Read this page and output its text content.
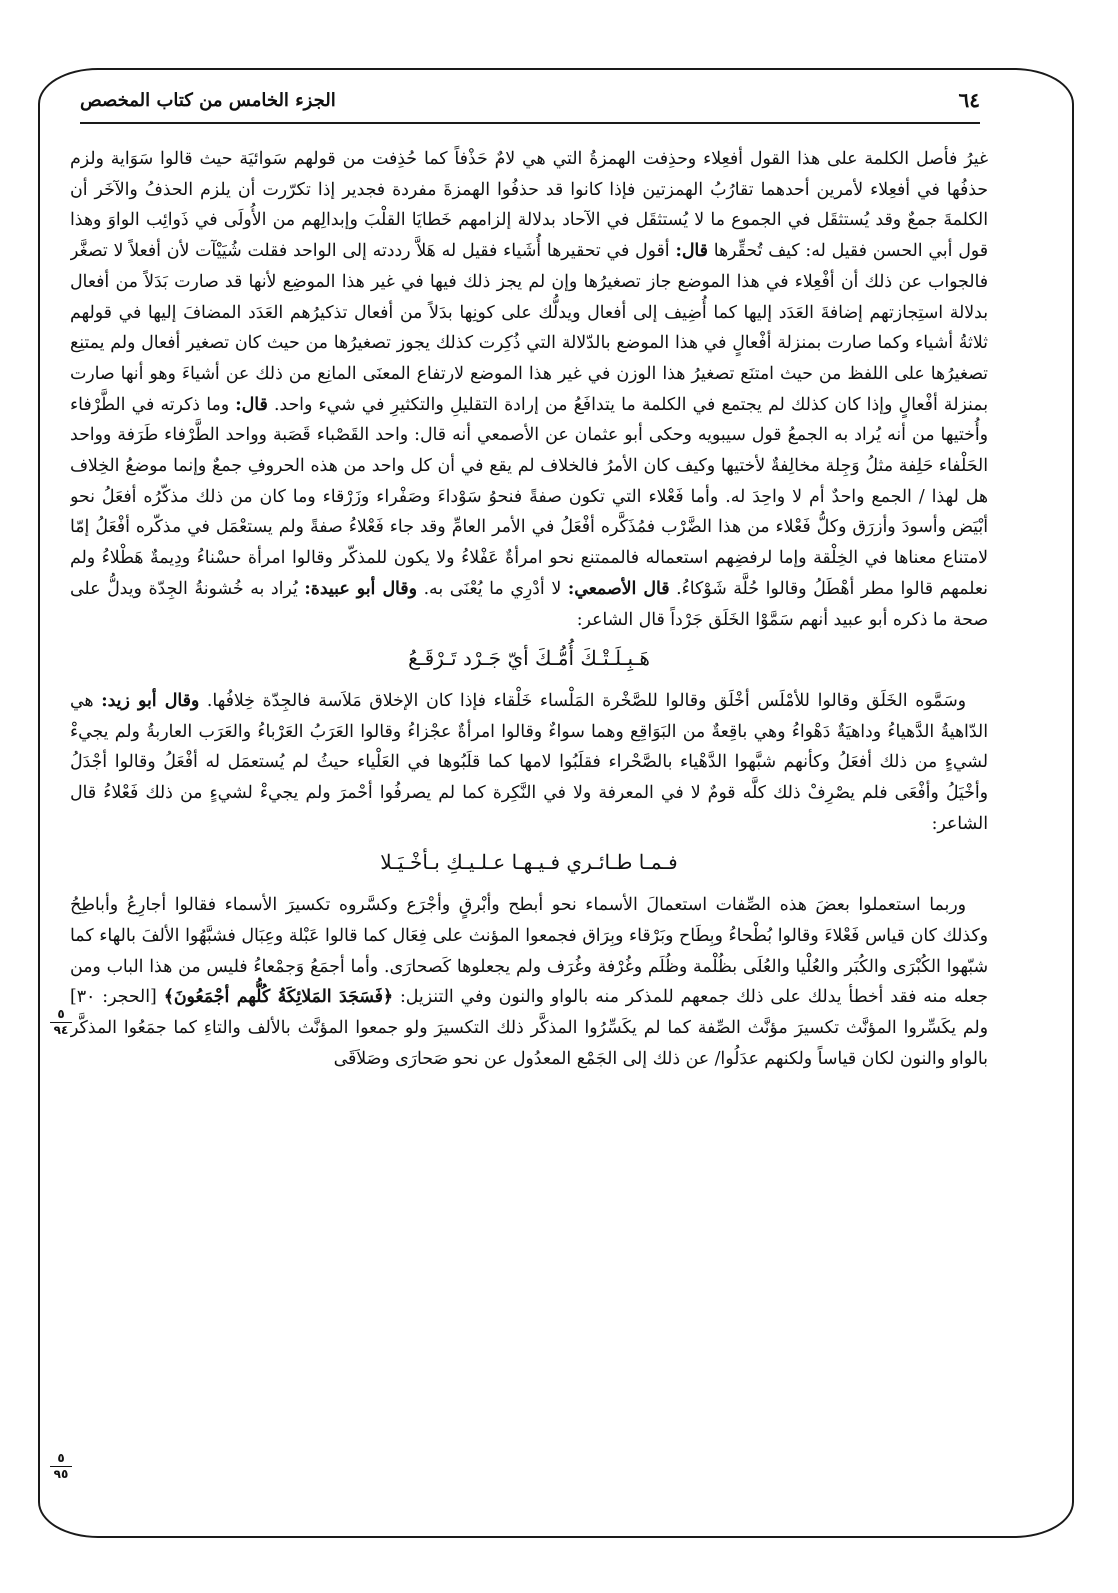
٦٤
الجزء الخامس من كتاب المخصص
٥
٩٤
٥
٩٥

غيرُ فأصل الكلمة على هذا القول أفعِلاء وحذِفت الهمزةُ التي هي لامٌ حَذْفاً كما حُذِفت من قولهم سَوائيَة حيث قالوا سَوَاية ولزم حذفُها في أفعِلاء لأمرين أحدهما تقارُبُ الهمزتين فإذا كانوا قد حذفُوا الهمزةَ مفردة فجدير إذا تكرّرت أن يلزم الحذفُ والآخَر أن الكلمةَ جمعٌ وقد يُستثقَل في الجموع ما لا يُستثقَل في الآحاد بدلالة إلزامهم خَطايَا القلْبَ وإبدالِهم من الأُولَى في ذَوائِب الواوَ وهذا قول أبي الحسن فقيل له: كيف تُحقِّرها قال: أقول في تحقيرها أُشَياء فقيل له هَلاَّ رددته إلى الواحد فقلت شُيَيْآت لأن أفعلاً لا تصغَّر فالجواب عن ذلك أن أفْعِلاء في هذا الموضع جاز تصغيرُها وإن لم يجز ذلك فيها في غير هذا الموضِع لأنها قد صارت بَدَلاً من أفعال بدلالة استِجازتهم إضافةَ العَدَد إليها كما أُضِيف إلى أفعال ويدلُّك على كونِها بدَلاً من أفعال تذكيرُهم العَدَد المضافَ إليها في قولهم ثلاثةُ أشياء وكما صارت بمنزلة أفْعالٍ في هذا الموضع بالدّلالة التي ذُكِرت كذلك يجوز تصغيرُها من حيث كان تصغير أفعال ولم يمتنِع تصغيرُها على اللفظ من حيث امتنَع تصغيرُ هذا الوزن في غير هذا الموضع لارتفاع المعنَى المانِع من ذلك عن أشياءَ وهو أنها صارت بمنزلة أفْعالٍ وإذا كان كذلك لم يجتمع في الكلمة ما يتدافَعُ من إرادة التقليلِ والتكثيرِ في شيء واحد. قال: وما ذكرته في الطَّرْفاء وأُختيها من أنه يُراد به الجمعُ قول سيبويه وحكى أبو عثمان عن الأصمعي أنه قال: واحد القَصْباء قَصَبة وواحد الطَّرْفاء طَرَفة وواحد الحَلْفاء حَلِفة مثلُ وَجِلة مخالِفةٌ لأختيها وكيف كان الأمرُ فالخلاف لم يقع في أن كل واحد من هذه الحروفِ جمعٌ وإنما موضعُ الخِلاف هل لهذا / الجمع واحدٌ أم لا واحِدَ له. وأما فَعْلاء التي تكون صفةً فنحوُ سَوْداءَ وصَفْراء وزَرْقاء وما كان من ذلك مذكّرُه أفعَلُ نحو أبْيَض وأسودَ وأزرَق وكلُّ فَعْلاء من هذا الضَّرْب فمُذَكَّره أفْعَلُ في الأمر العامِّ وقد جاء فَعْلاءُ صفةً ولم يستعْمَل في مذكّره أفْعَلُ إمّا لامتناع معناها في الخِلْقة وإما لرفضِهم استعماله فالممتنع نحو امرأةٌ عَفْلاءُ ولا يكون للمذكّر وقالوا امرأة حسْناءُ ودِيمةٌ هَطْلاءُ ولم نعلمهم قالوا مطر أهْطَلُ وقالوا حُلَّة شَوْكاءُ. قال الأصمعي: لا أدْرِي ما يُعْنَى به. وقال أبو عبيدة: يُراد به خُشونةُ الجِدّة ويدلُّ على صحة ما ذكره أبو عبيد أنهم سَمَّوْا الخَلَق جَرْداً قال الشاعر:

هَـبِـلَـتْـكَ أُمُّـكَ أيّ جَـرْد تَـرْقَـعُ

وسَمَّوه الخَلَق وقالوا للأمْلَس أخْلَق وقالوا للصَّخْرة المَلْساء خَلْقاء فإذا كان الإخلاق مَلاَسة فالجِدّة خِلافُها. وقال أبو زيد: هي الدّاهيةُ الدَّهياءُ وداهيَةٌ دَهْواءُ وهي باقِعةٌ من البَوَاقِع وهما سواءٌ وقالوا امرأةٌ عجْزاءُ وقالوا العَرَبُ العَرْباءُ والعَرَب العاربةُ ولم يجيءْ لشيءٍ من ذلك أفعَلُ وكأنهم شبَّهوا الدَّهْياء بالصَّحْراء فقلَبُوا لامها كما قلَبُوها في العَلْياء حيثُ لم يُستعمَل له أفْعَلُ وقالوا أجْدَلُ وأخْيَلُ وأفْعَى فلم يصْرِفْ ذلك كلَّه قومٌ لا في المعرفة ولا في النَّكِرة كما لم يصرفُوا أحْمرَ ولم يجيءْ لشيءٍ من ذلك فَعْلاءُ قال الشاعر:

فـمـا طـائـري فـيـهـا عـلـيـكِ بـأخْـيَـلا

وربما استعملوا بعضَ هذه الصِّفات استعمالَ الأسماء نحو أبطح وأبْرقٍ وأجْرَع وكسَّروه تكسيرَ الأسماء فقالوا أجارِعُ وأباطِحُ وكذلك كان قياس فَعْلاءَ وقالوا بُطْحاءُ وبِطَاح وبَرْقاء وبِرَاق فجمعوا المؤنث على فِعَال كما قالوا عَبْلة وعِبَال فشبَّهُوا الألفَ بالهاء كما شبّهوا الكُبْرَى والكُبَر والعُلْيا والعُلَى بظُلْمة وظُلَم وغُرْفة وغُرَف ولم يجعلوها كَصحارَى. وأما أجمَعُ وَجمْعاءُ فليس من هذا الباب ومن جعله منه فقد أخطأ يدلك على ذلك جمعهم للمذكر منه بالواو والنون وفي التنزيل: ﴿فَسَجَدَ المَلائِكَةُ كُلُّهم أجْمَعُونَ﴾ [الحجر: ٣٠] ولم يكَسِّروا المؤنَّث تكسيرَ مؤنَّث الصِّفة كما لم يكَسِّرُوا المذكَّر ذلك التكسيرَ ولو جمعوا المؤنَّث بالألف والتاءِ كما جمَعُوا المذكَّر بالواو والنون لكان قياساً ولكنهم عدَلُوا/ عن ذلك إلى الجَمْع المعدُول عن نحو صَحارَى وصَلاَقَى
